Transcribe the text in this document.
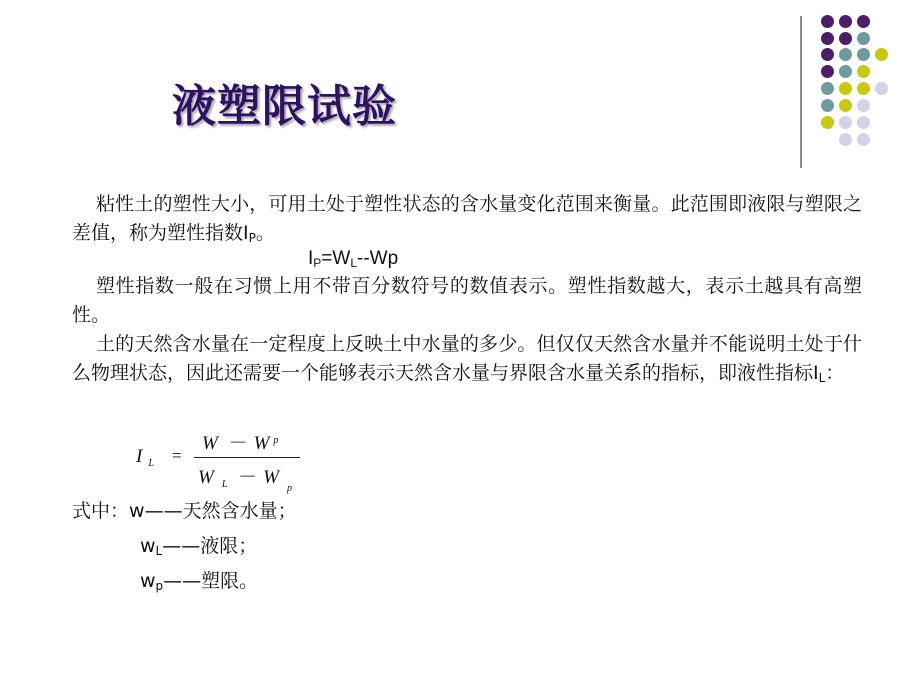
液塑限试验
粘性土的塑性大小，可用土处于塑性状态的含水量变化范围来衡量。此范围即液限与塑限之差值，称为塑性指数$I_P$。
$I_P=W_L--Wp$
塑性指数一般在习惯上用不带百分数符号的数值表示。塑性指数越大，表示土越具有高塑性。
土的天然含水量在一定程度上反映土中水量的多少。但仅仅天然含水量并不能说明土处于什么物理状态，因此还需要一个能够表示天然含水量与界限含水量关系的指标，即液性指标$I_L$：
I $_L$ =
W － W $^p$
W $_L - W_p$
式中：w——天然含水量；
$w_L——$液限；
$w_p——$塑限。
